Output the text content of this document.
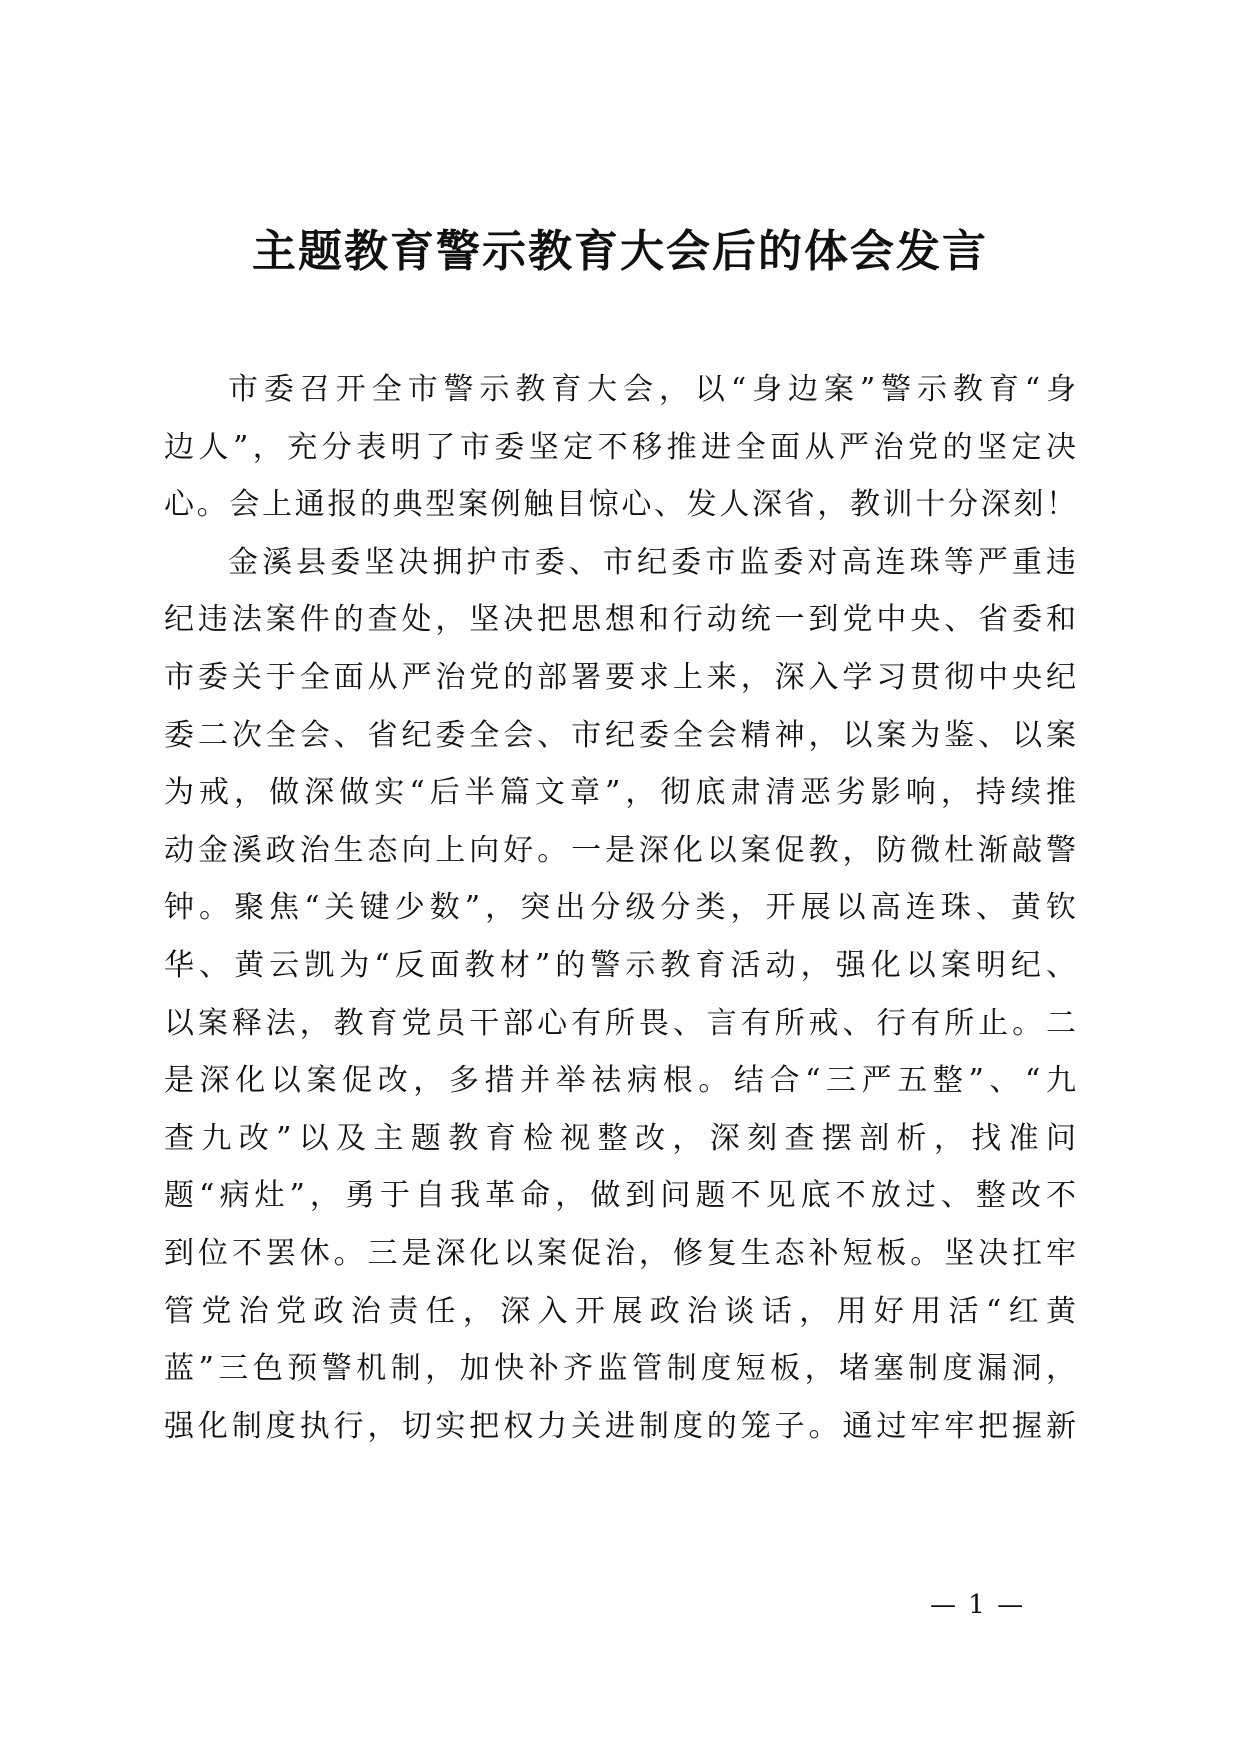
主题教育警示教育大会后的体会发言
市委召开全市警示教育大会，以“身边案”警示教育“身
边人”，充分表明了市委坚定不移推进全面从严治党的坚定决
心。会上通报的典型案例触目惊心、发人深省，教训十分深刻！
金溪县委坚决拥护市委、市纪委市监委对高连珠等严重违
纪违法案件的查处，坚决把思想和行动统一到党中央、省委和
市委关于全面从严治党的部署要求上来，深入学习贯彻中央纪
委二次全会、省纪委全会、市纪委全会精神，以案为鉴、以案
为戒，做深做实“后半篇文章”，彻底肃清恶劣影响，持续推
动金溪政治生态向上向好。一是深化以案促教，防微杜渐敲警
钟。聚焦“关键少数”，突出分级分类，开展以高连珠、黄钦
华、黄云凯为“反面教材”的警示教育活动，强化以案明纪、
以案释法，教育党员干部心有所畏、言有所戒、行有所止。二
是深化以案促改，多措并举祛病根。结合“三严五整”、“九
查九改”以及主题教育检视整改，深刻查摆剖析，找准问
题“病灶”，勇于自我革命，做到问题不见底不放过、整改不
到位不罢休。三是深化以案促治，修复生态补短板。坚决扛牢
管党治党政治责任，深入开展政治谈话，用好用活“红黄
蓝”三色预警机制，加快补齐监管制度短板，堵塞制度漏洞，
强化制度执行，切实把权力关进制度的笼子。通过牢牢把握新
— 1 —
